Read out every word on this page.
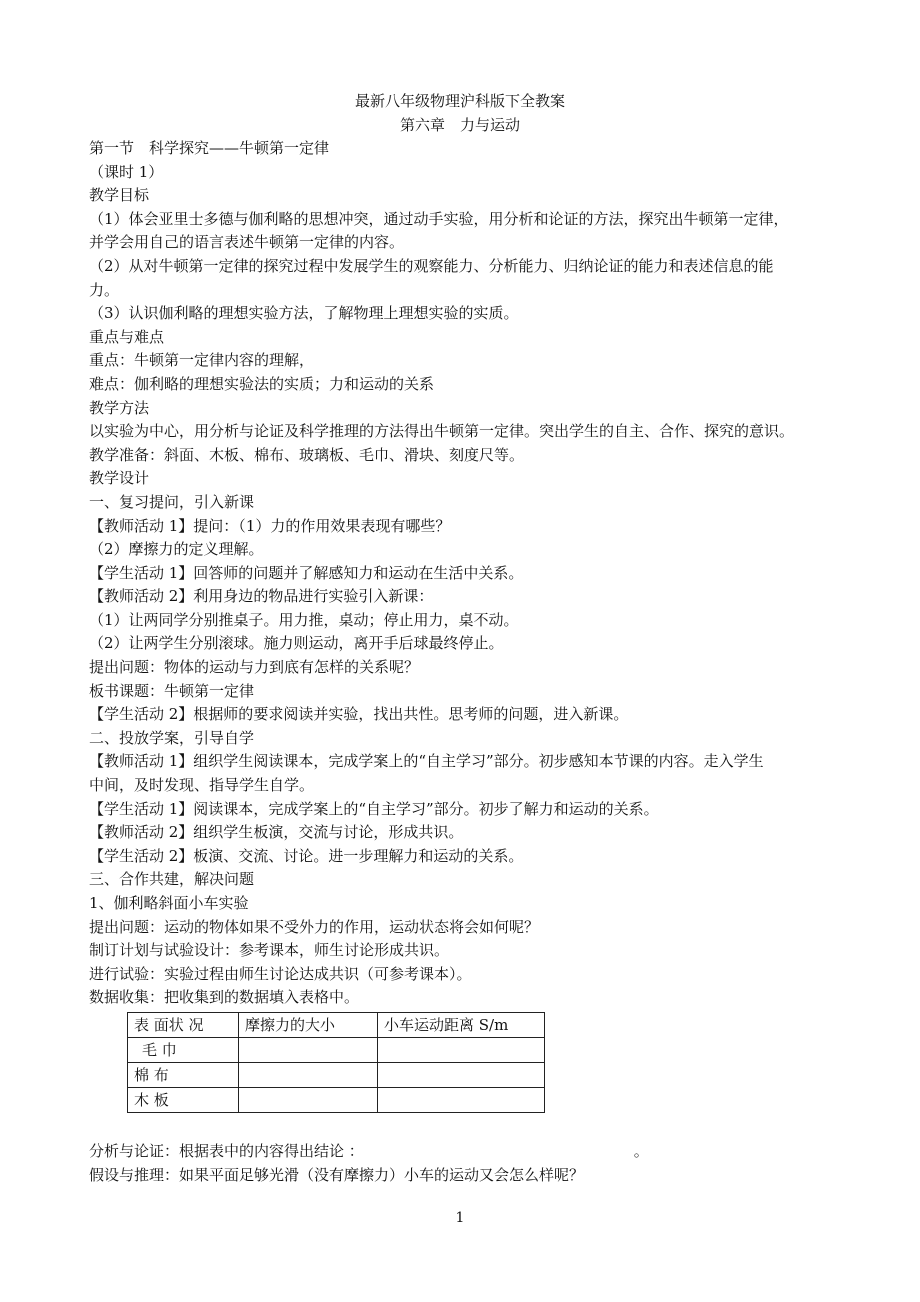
最新八年级物理沪科版下全教案
第六章　力与运动

第一节　科学探究——牛顿第一定律

（课时 1）

教学目标

（1）体会亚里士多德与伽利略的思想冲突，通过动手实验，用分析和论证的方法，探究出牛顿第一定律，

并学会用自己的语言表述牛顿第一定律的内容。

（2）从对牛顿第一定律的探究过程中发展学生的观察能力、分析能力、归纳论证的能力和表述信息的能

力。

（3）认识伽利略的理想实验方法，了解物理上理想实验的实质。

重点与难点

重点：牛顿第一定律内容的理解，

难点：伽利略的理想实验法的实质；力和运动的关系

教学方法

以实验为中心，用分析与论证及科学推理的方法得出牛顿第一定律。突出学生的自主、合作、探究的意识。

教学准备：斜面、木板、棉布、玻璃板、毛巾、滑块、刻度尺等。

教学设计

一、复习提问，引入新课

【教师活动 1】提问：（1）力的作用效果表现有哪些？

（2）摩擦力的定义理解。

【学生活动 1】回答师的问题并了解感知力和运动在生活中关系。

【教师活动 2】利用身边的物品进行实验引入新课：

（1）让两同学分别推桌子。用力推，桌动；停止用力，桌不动。

（2）让两学生分别滚球。施力则运动，离开手后球最终停止。

提出问题：物体的运动与力到底有怎样的关系呢？

板书课题：牛顿第一定律

【学生活动 2】根据师的要求阅读并实验，找出共性。思考师的问题，进入新课。

二、投放学案，引导自学

【教师活动 1】组织学生阅读课本，完成学案上的“自主学习”部分。初步感知本节课的内容。走入学生

中间，及时发现、指导学生自学。

【学生活动 1】阅读课本，完成学案上的“自主学习”部分。初步了解力和运动的关系。

【教师活动 2】组织学生板演，交流与讨论，形成共识。

【学生活动 2】板演、交流、讨论。进一步理解力和运动的关系。

三、合作共建，解决问题

1、伽利略斜面小车实验

提出问题：运动的物体如果不受外力的作用，运动状态将会如何呢？

制订计划与试验设计：参考课本，师生讨论形成共识。

进行试验：实验过程由师生讨论达成共识（可参考课本）。

数据收集：把收集到的数据填入表格中。

表 面状 况	摩擦力的大小	小车运动距离 S/m
毛 巾		
棉 布		
木 板		

分析与论证：根据表中的内容得出结论 ：	。

假设与推理：如果平面足够光滑（没有摩擦力）小车的运动又会怎么样呢？

1
